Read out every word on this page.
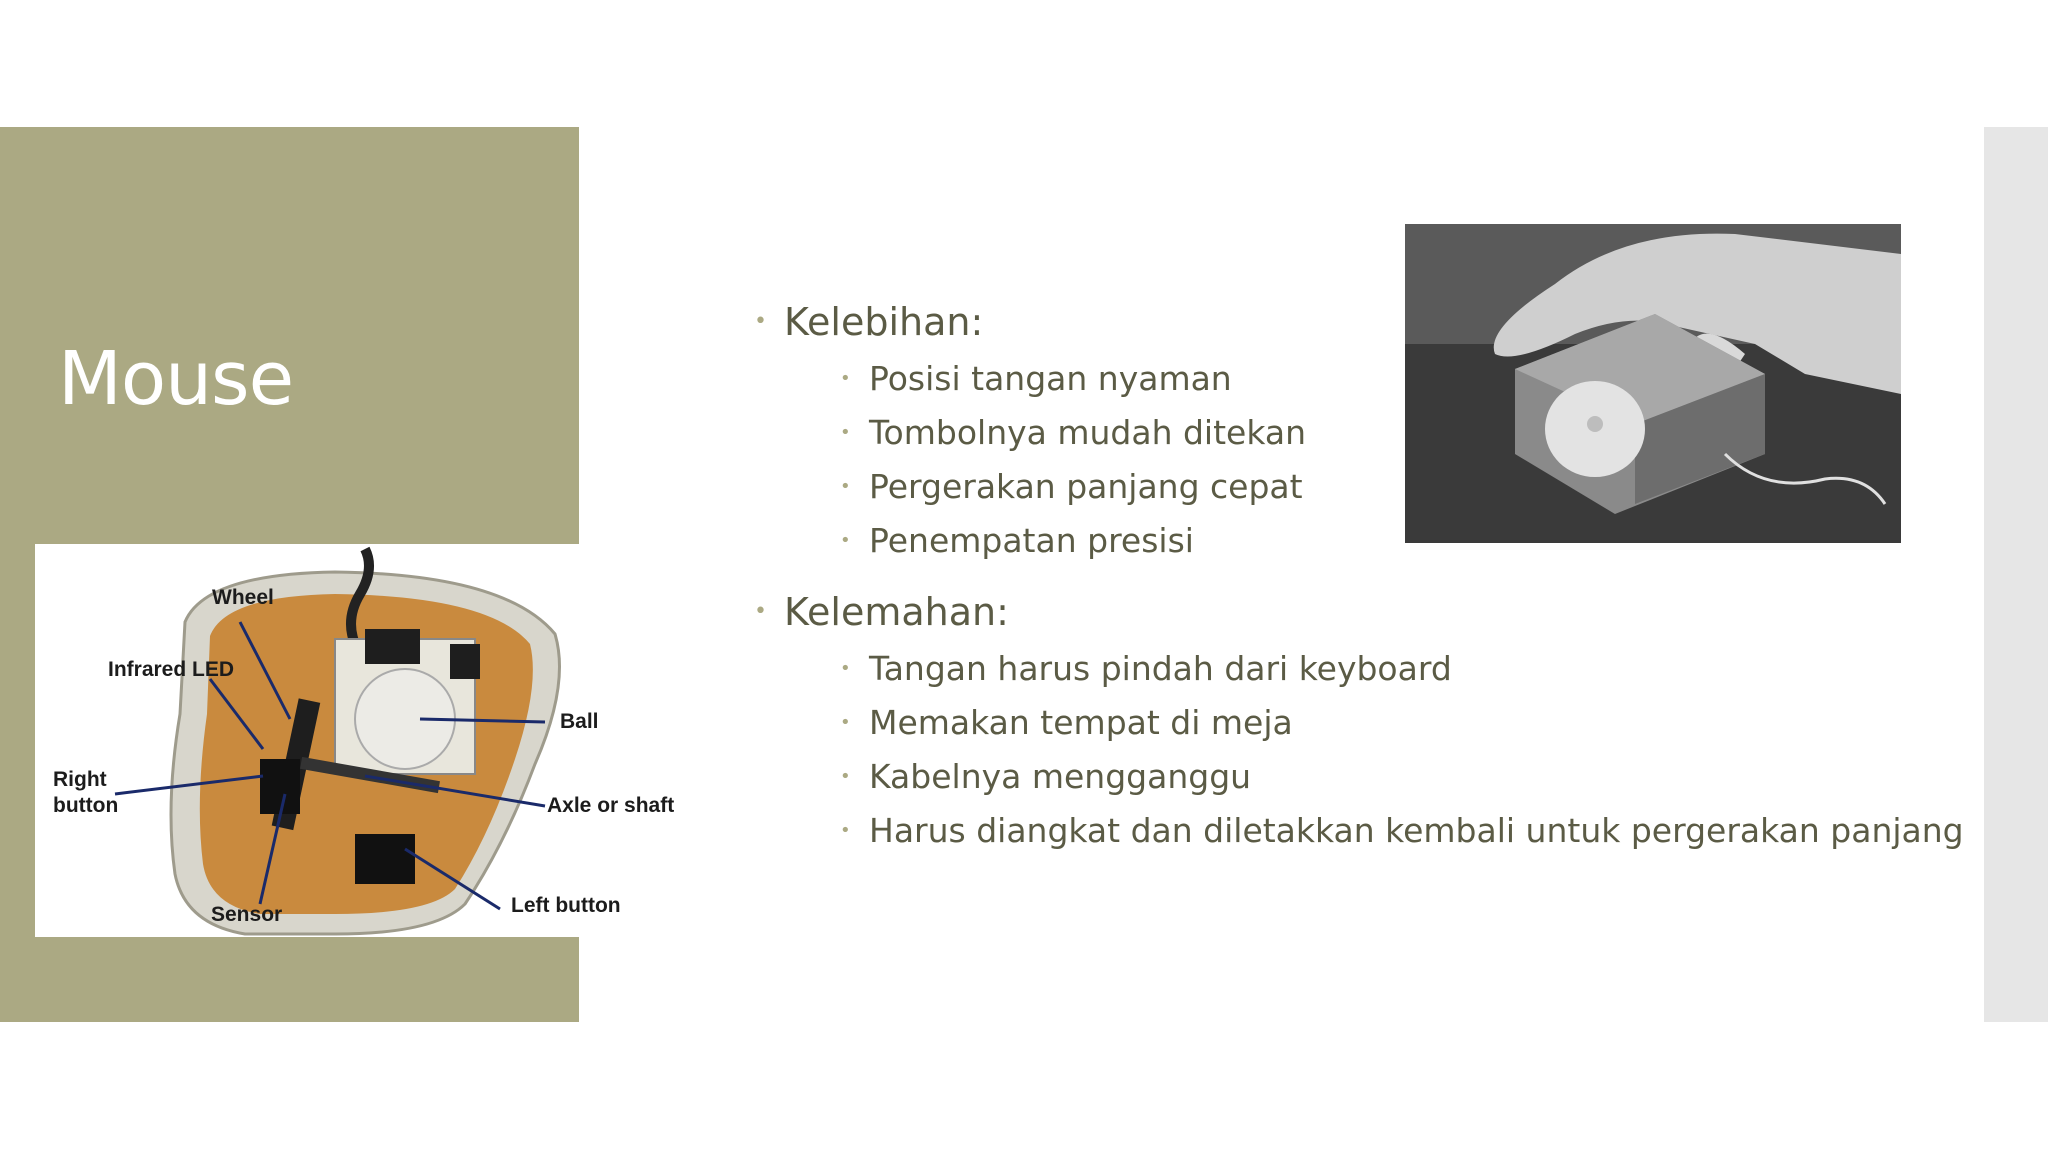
Mouse
Wheel
Infrared LED
Ball
Right
button	Axle or shaft
Sensor	Left button
• Kelebihan:
• Posisi tangan nyaman
• Tombolnya mudah ditekan
• Pergerakan panjang cepat
• Penempatan presisi
• Kelemahan:
• Tangan harus pindah dari keyboard
• Memakan tempat di meja
• Kabelnya mengganggu
• Harus diangkat dan diletakkan kembali untuk pergerakan panjang
